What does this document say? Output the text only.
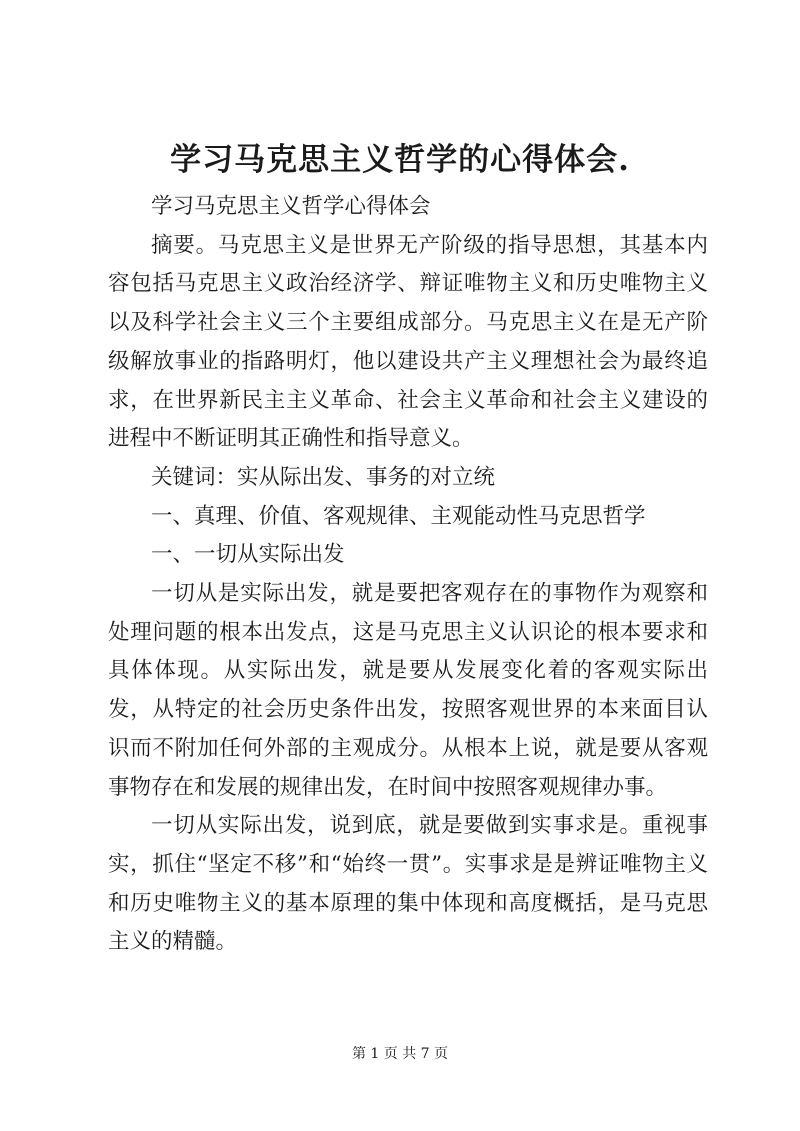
学习马克思主义哲学的心得体会.

学习马克思主义哲学心得体会

摘要。马克思主义是世界无产阶级的指导思想，其基本内容包括马克思主义政治经济学、辩证唯物主义和历史唯物主义以及科学社会主义三个主要组成部分。马克思主义在是无产阶级解放事业的指路明灯，他以建设共产主义理想社会为最终追求，在世界新民主主义革命、社会主义革命和社会主义建设的进程中不断证明其正确性和指导意义。

关键词：实从际出发、事务的对立统

一、真理、价值、客观规律、主观能动性马克思哲学

一、一切从实际出发

一切从是实际出发，就是要把客观存在的事物作为观察和处理问题的根本出发点，这是马克思主义认识论的根本要求和具体体现。从实际出发，就是要从发展变化着的客观实际出发，从特定的社会历史条件出发，按照客观世界的本来面目认识而不附加任何外部的主观成分。从根本上说，就是要从客观事物存在和发展的规律出发，在时间中按照客观规律办事。

一切从实际出发，说到底，就是要做到实事求是。重视事实，抓住“坚定不移”和“始终一贯”。实事求是是辨证唯物主义和历史唯物主义的基本原理的集中体现和高度概括，是马克思主义的精髓。

第 1 页 共 7 页
